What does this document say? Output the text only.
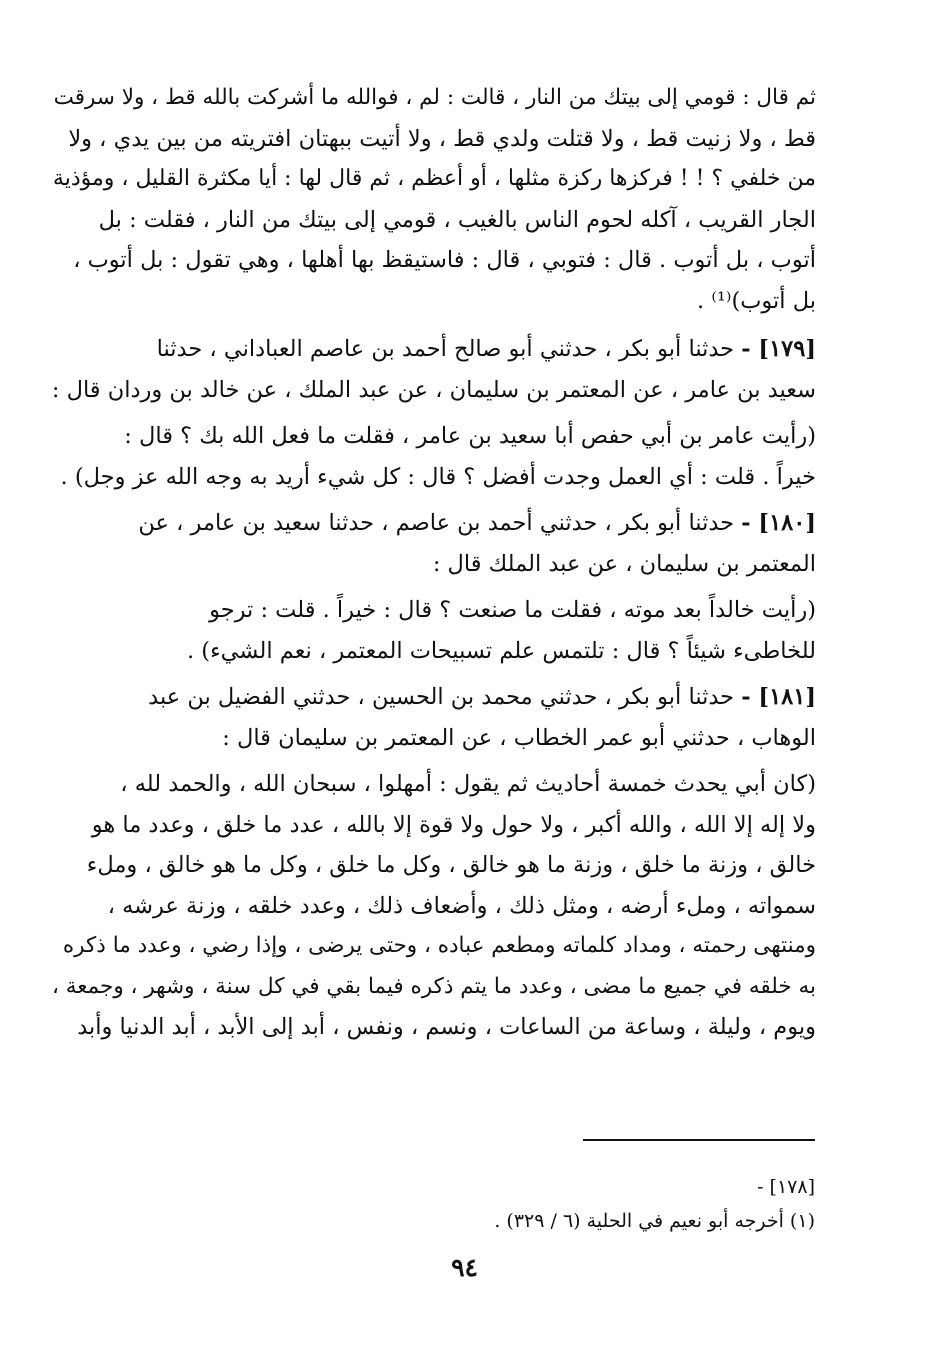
ثم قال : قومي إلى بيتك من النار ، قالت : لم ، فوالله ما أشركت بالله قط ، ولا سرقت
قط ، ولا زنيت قط ، ولا قتلت ولدي قط ، ولا أتيت ببهتان افتريته من بين يدي ، ولا
من خلفي ؟ ! ! فركزها ركزة مثلها ، أو أعظم ، ثم قال لها : أيا مكثرة القليل ، ومؤذية
الجار القريب ، آكله لحوم الناس بالغيب ، قومي إلى بيتك من النار ، فقلت : بل
أتوب ، بل أتوب . قال : فتوبي ، قال : فاستيقظ بها أهلها ، وهي تقول : بل أتوب ،
بل أتوب)⁽¹⁾ .

[١٧٩] - حدثنا أبو بكر ، حدثني أبو صالح أحمد بن عاصم العباداني ، حدثنا
سعيد بن عامر ، عن المعتمر بن سليمان ، عن عبد الملك ، عن خالد بن وردان قال :

(رأيت عامر بن أبي حفص أبا سعيد بن عامر ، فقلت ما فعل الله بك ؟ قال :
خيراً . قلت : أي العمل وجدت أفضل ؟ قال : كل شيء أريد به وجه الله عز وجل) .

[١٨٠] - حدثنا أبو بكر ، حدثني أحمد بن عاصم ، حدثنا سعيد بن عامر ، عن
المعتمر بن سليمان ، عن عبد الملك قال :

(رأيت خالداً بعد موته ، فقلت ما صنعت ؟ قال : خيراً . قلت : ترجو
للخاطىء شيئاً ؟ قال : تلتمس علم تسبيحات المعتمر ، نعم الشيء) .

[١٨١] - حدثنا أبو بكر ، حدثني محمد بن الحسين ، حدثني الفضيل بن عبد
الوهاب ، حدثني أبو عمر الخطاب ، عن المعتمر بن سليمان قال :

(كان أبي يحدث خمسة أحاديث ثم يقول : أمهلوا ، سبحان الله ، والحمد لله ،
ولا إله إلا الله ، والله أكبر ، ولا حول ولا قوة إلا بالله ، عدد ما خلق ، وعدد ما هو
خالق ، وزنة ما خلق ، وزنة ما هو خالق ، وكل ما خلق ، وكل ما هو خالق ، وملء
سمواته ، وملء أرضه ، ومثل ذلك ، وأضعاف ذلك ، وعدد خلقه ، وزنة عرشه ،
ومنتهى رحمته ، ومداد كلماته ومطعم عباده ، وحتى يرضى ، وإذا رضي ، وعدد ما ذكره
به خلقه في جميع ما مضى ، وعدد ما يتم ذكره فيما بقي في كل سنة ، وشهر ، وجمعة ،
ويوم ، وليلة ، وساعة من الساعات ، ونسم ، ونفس ، أبد إلى الأبد ، أبد الدنيا وأبد

[١٧٨] -
(١) أخرجه أبو نعيم في الحلية (٦ / ٣٢٩) .
٩٤
